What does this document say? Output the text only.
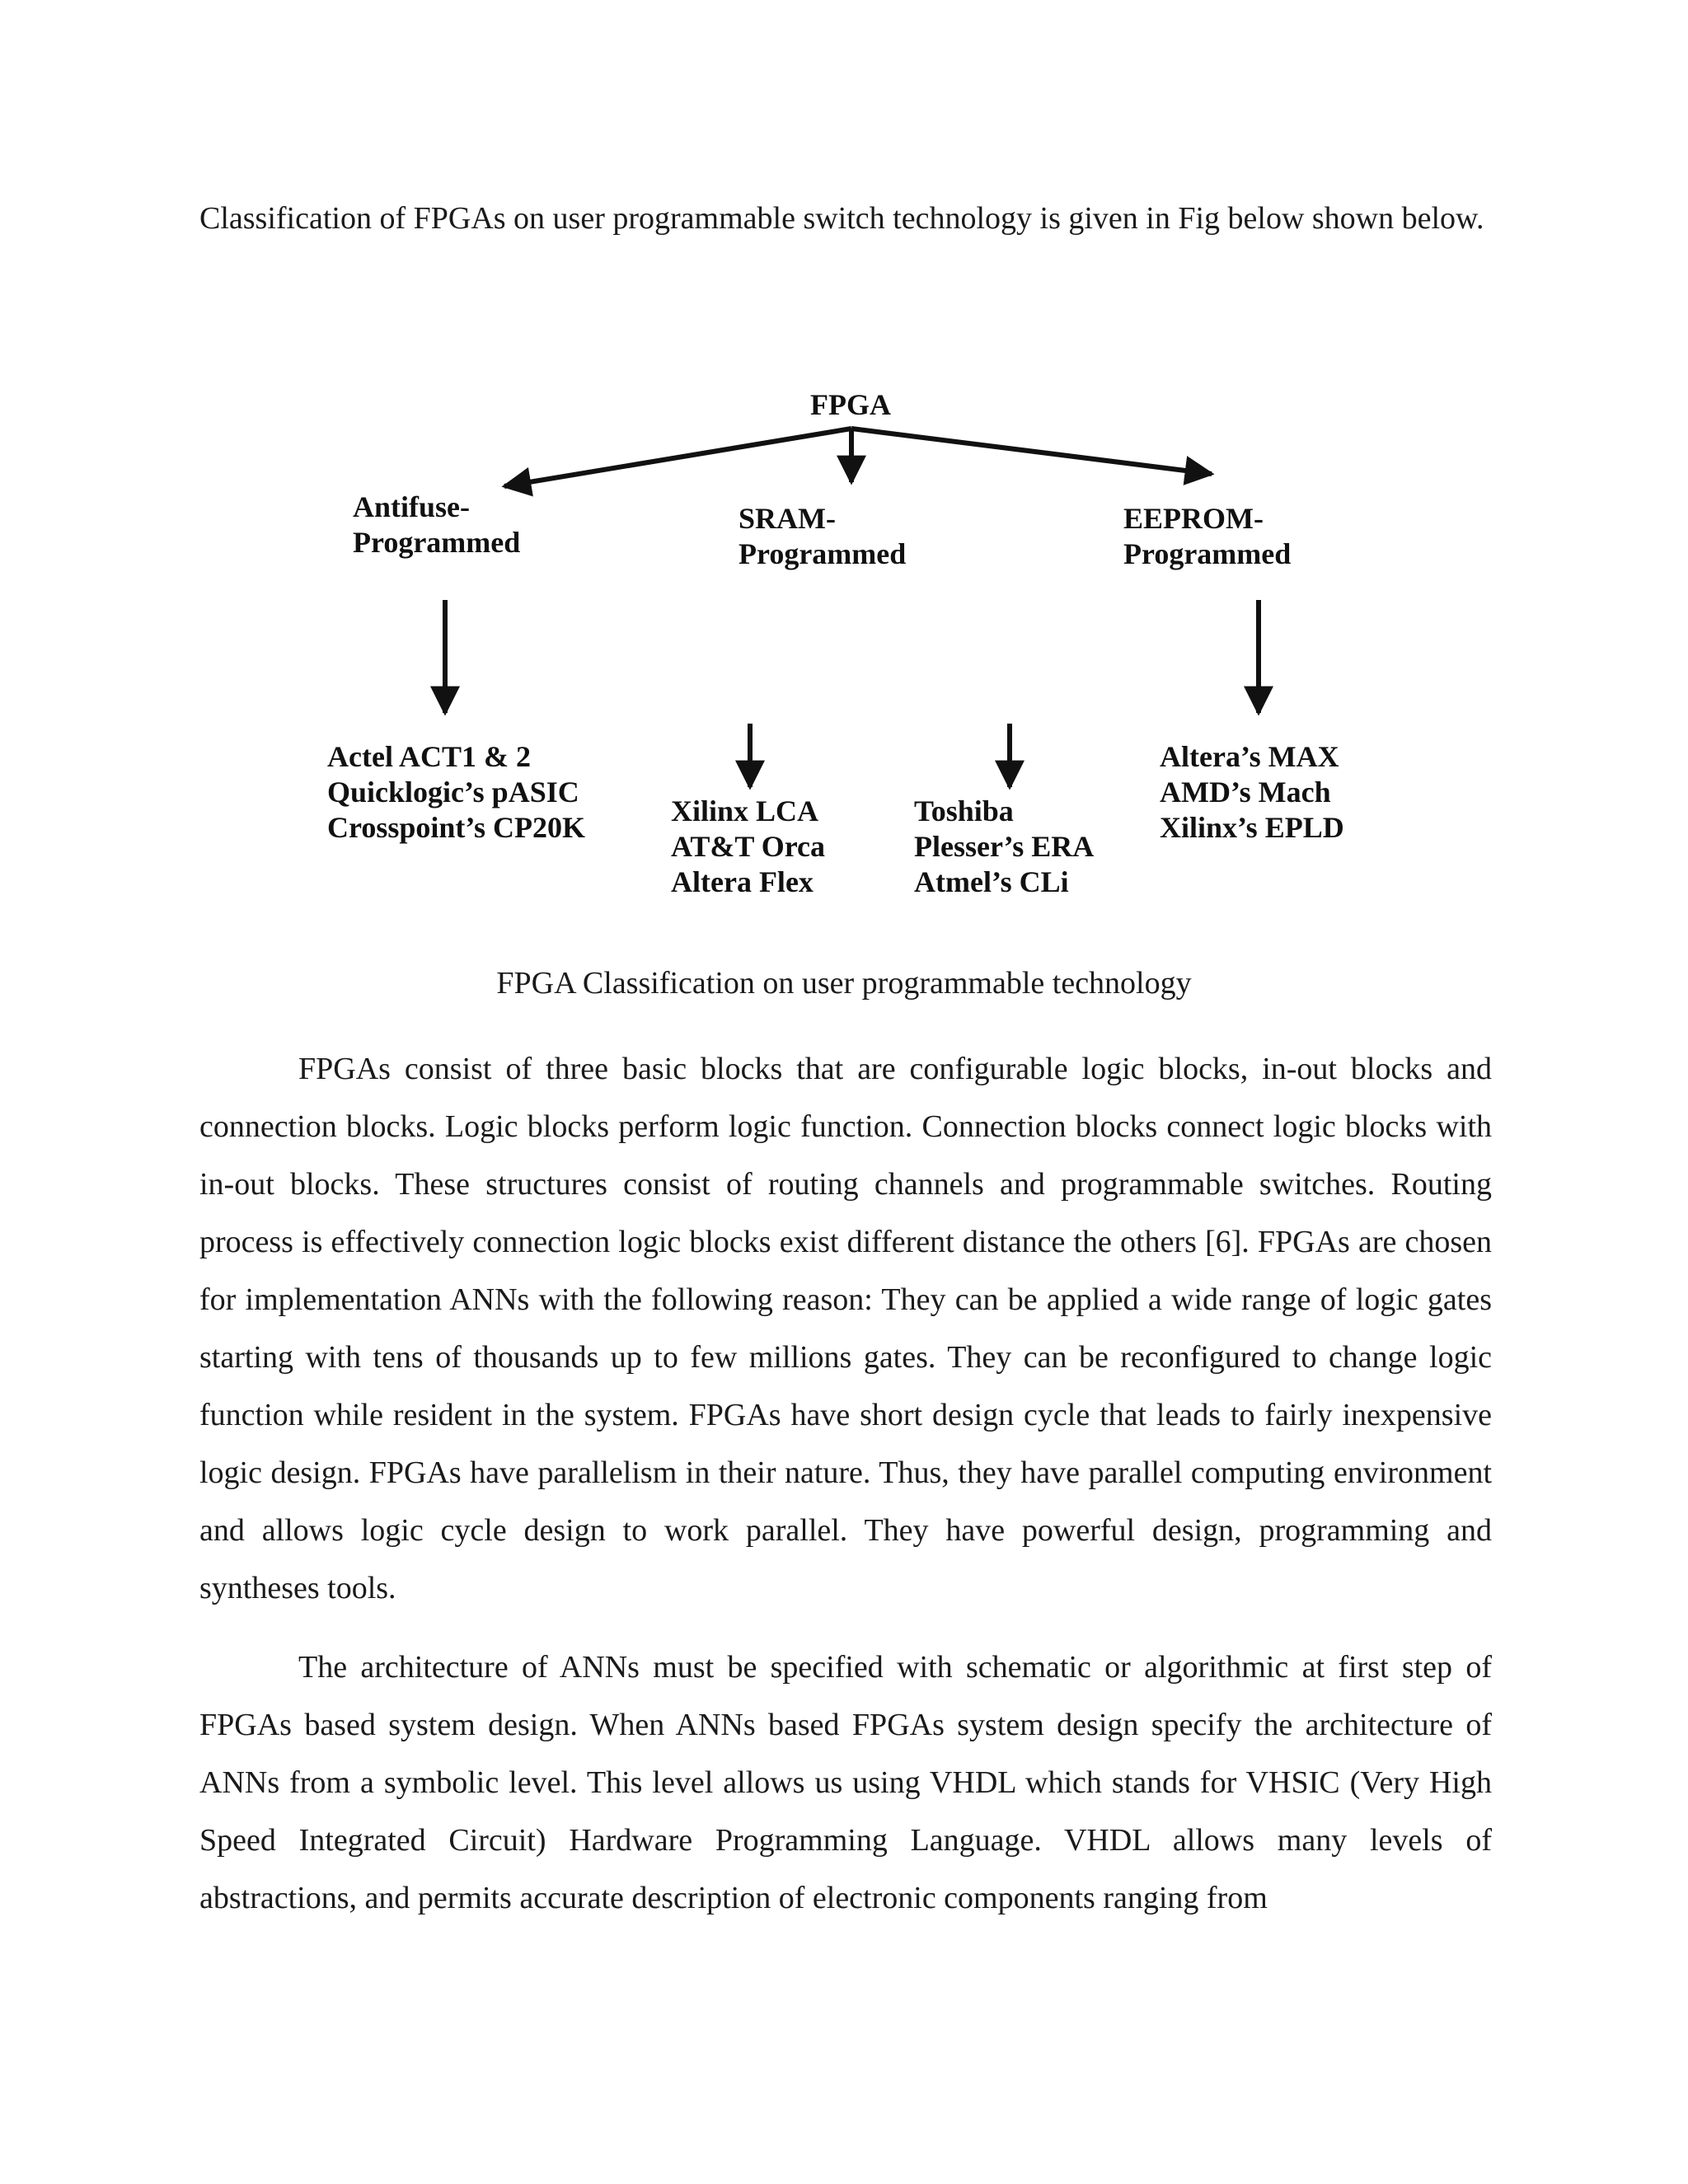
Classification of FPGAs on user programmable switch technology is given in Fig below shown below.

FPGA
Antifuse-
Programmed
SRAM-
Programmed
EEPROM-
Programmed
Actel ACT1 & 2
Quicklogic’s pASIC
Crosspoint’s CP20K	Xilinx LCA
AT&T Orca
Altera Flex
Toshiba
Plesser’s ERA
Atmel’s CLi
Altera’s MAX
AMD’s Mach
Xilinx’s EPLD
FPGA Classification on user programmable technology

FPGAs consist of three basic blocks that are configurable logic blocks, in-out blocks and connection blocks. Logic blocks perform logic function. Connection blocks connect logic blocks with in-out blocks. These structures consist of routing channels and programmable switches. Routing process is effectively connection logic blocks exist different distance the others [6]. FPGAs are chosen for implementation ANNs with the following reason: They can be applied a wide range of logic gates starting with tens of thousands up to few millions gates. They can be reconfigured to change logic function while resident in the system. FPGAs have short design cycle that leads to fairly inexpensive logic design. FPGAs have parallelism in their nature. Thus, they have parallel computing environment and allows logic cycle design to work parallel. They have powerful design, programming and syntheses tools.

The architecture of ANNs must be specified with schematic or algorithmic at first step of FPGAs based system design. When ANNs based FPGAs system design specify the architecture of ANNs from a symbolic level. This level allows us using VHDL which stands for VHSIC (Very High Speed Integrated Circuit) Hardware Programming Language. VHDL allows many levels of abstractions, and permits accurate description of electronic components ranging from
